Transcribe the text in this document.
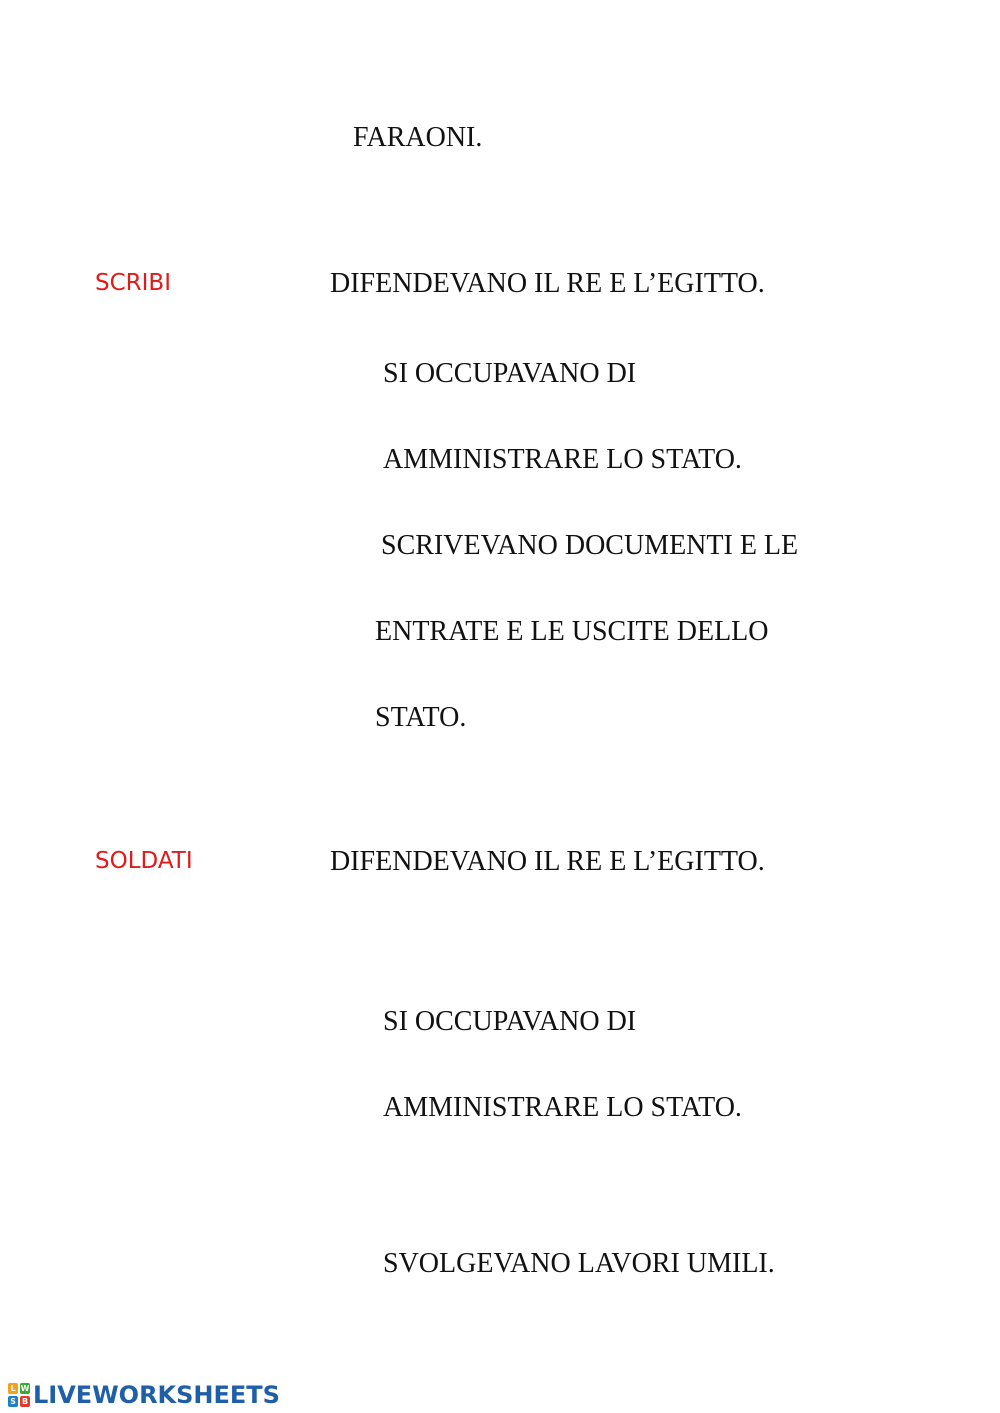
FARAONI.
SCRIBI	DIFENDEVANO IL RE E L’EGITTO.
SI OCCUPAVANO DI
AMMINISTRARE LO STATO.
SCRIVEVANO DOCUMENTI E LE
ENTRATE E LE USCITE DELLO
STATO.
SOLDATI	DIFENDEVANO IL RE E L’EGITTO.
SI OCCUPAVANO DI
AMMINISTRARE LO STATO.
SVOLGEVANO LAVORI UMILI.
L W
S B LIVEWORKSHEETS
